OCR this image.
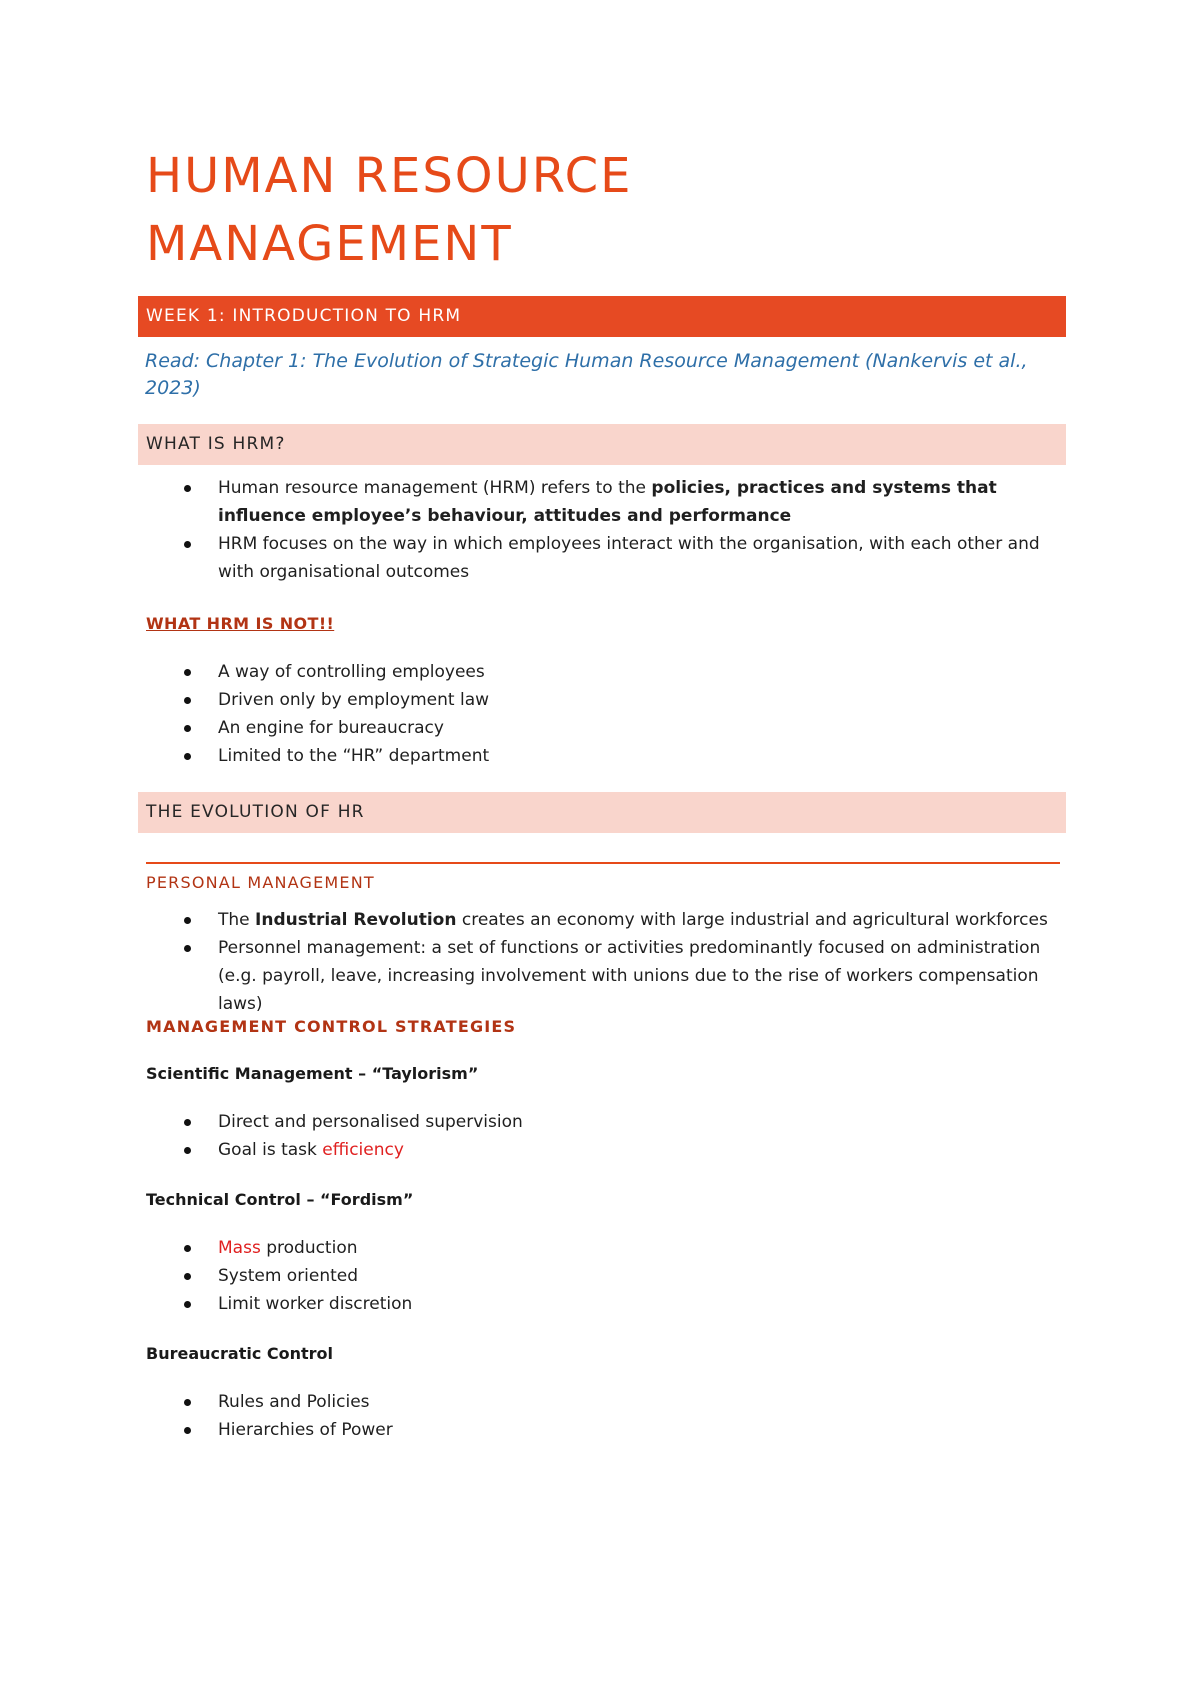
HUMAN RESOURCE MANAGEMENT
WEEK 1: INTRODUCTION TO HRM
Read: Chapter 1: The Evolution of Strategic Human Resource Management (Nankervis et al., 2023)
WHAT IS HRM?
Human resource management (HRM) refers to the policies, practices and systems that influence employee’s behaviour, attitudes and performance
HRM focuses on the way in which employees interact with the organisation, with each other and with organisational outcomes
WHAT HRM IS NOT!!
A way of controlling employees
Driven only by employment law
An engine for bureaucracy
Limited to the “HR” department
THE EVOLUTION OF HR
PERSONAL MANAGEMENT
The Industrial Revolution creates an economy with large industrial and agricultural workforces
Personnel management: a set of functions or activities predominantly focused on administration (e.g. payroll, leave, increasing involvement with unions due to the rise of workers compensation laws)
MANAGEMENT CONTROL STRATEGIES
Scientific Management – “Taylorism”
Direct and personalised supervision
Goal is task efficiency
Technical Control – “Fordism”
Mass production
System oriented
Limit worker discretion
Bureaucratic Control
Rules and Policies
Hierarchies of Power
